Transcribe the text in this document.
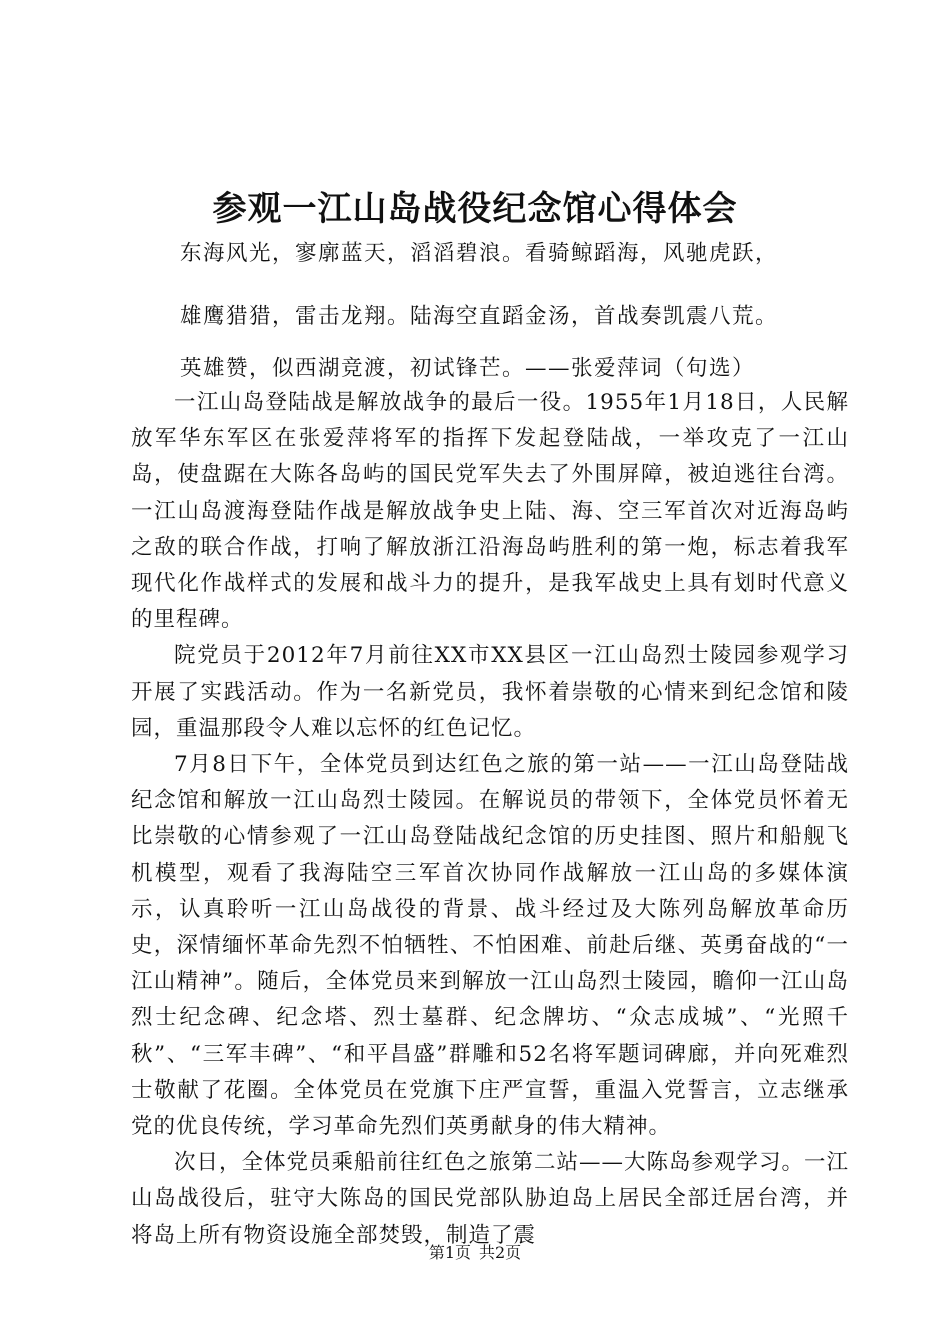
参观一江山岛战役纪念馆心得体会
东海风光，寥廓蓝天，滔滔碧浪。看骑鲸蹈海，风驰虎跃，
雄鹰猎猎，雷击龙翔。陆海空直蹈金汤，首战奏凯震八荒。
英雄赞，似西湖竞渡，初试锋芒。——张爱萍词（句选）

一江山岛登陆战是解放战争的最后一役。1955年1月18日，人民解放军华东军区在张爱萍将军的指挥下发起登陆战，一举攻克了一江山岛，使盘踞在大陈各岛屿的国民党军失去了外围屏障，被迫逃往台湾。一江山岛渡海登陆作战是解放战争史上陆、海、空三军首次对近海岛屿之敌的联合作战，打响了解放浙江沿海岛屿胜利的第一炮，标志着我军现代化作战样式的发展和战斗力的提升，是我军战史上具有划时代意义的里程碑。

院党员于2012年7月前往XX市XX县区一江山岛烈士陵园参观学习开展了实践活动。作为一名新党员，我怀着崇敬的心情来到纪念馆和陵园，重温那段令人难以忘怀的红色记忆。

7月8日下午，全体党员到达红色之旅的第一站——一江山岛登陆战纪念馆和解放一江山岛烈士陵园。在解说员的带领下，全体党员怀着无比崇敬的心情参观了一江山岛登陆战纪念馆的历史挂图、照片和船舰飞机模型，观看了我海陆空三军首次协同作战解放一江山岛的多媒体演示，认真聆听一江山岛战役的背景、战斗经过及大陈列岛解放革命历史，深情缅怀革命先烈不怕牺牲、不怕困难、前赴后继、英勇奋战的“一江山精神”。随后，全体党员来到解放一江山岛烈士陵园，瞻仰一江山岛烈士纪念碑、纪念塔、烈士墓群、纪念牌坊、“众志成城”、“光照千秋”、“三军丰碑”、“和平昌盛”群雕和52名将军题词碑廊，并向死难烈士敬献了花圈。全体党员在党旗下庄严宣誓，重温入党誓言，立志继承党的优良传统，学习革命先烈们英勇献身的伟大精神。

次日，全体党员乘船前往红色之旅第二站——大陈岛参观学习。一江山岛战役后，驻守大陈岛的国民党部队胁迫岛上居民全部迁居台湾，并将岛上所有物资设施全部焚毁，制造了震

第1页 共2页
